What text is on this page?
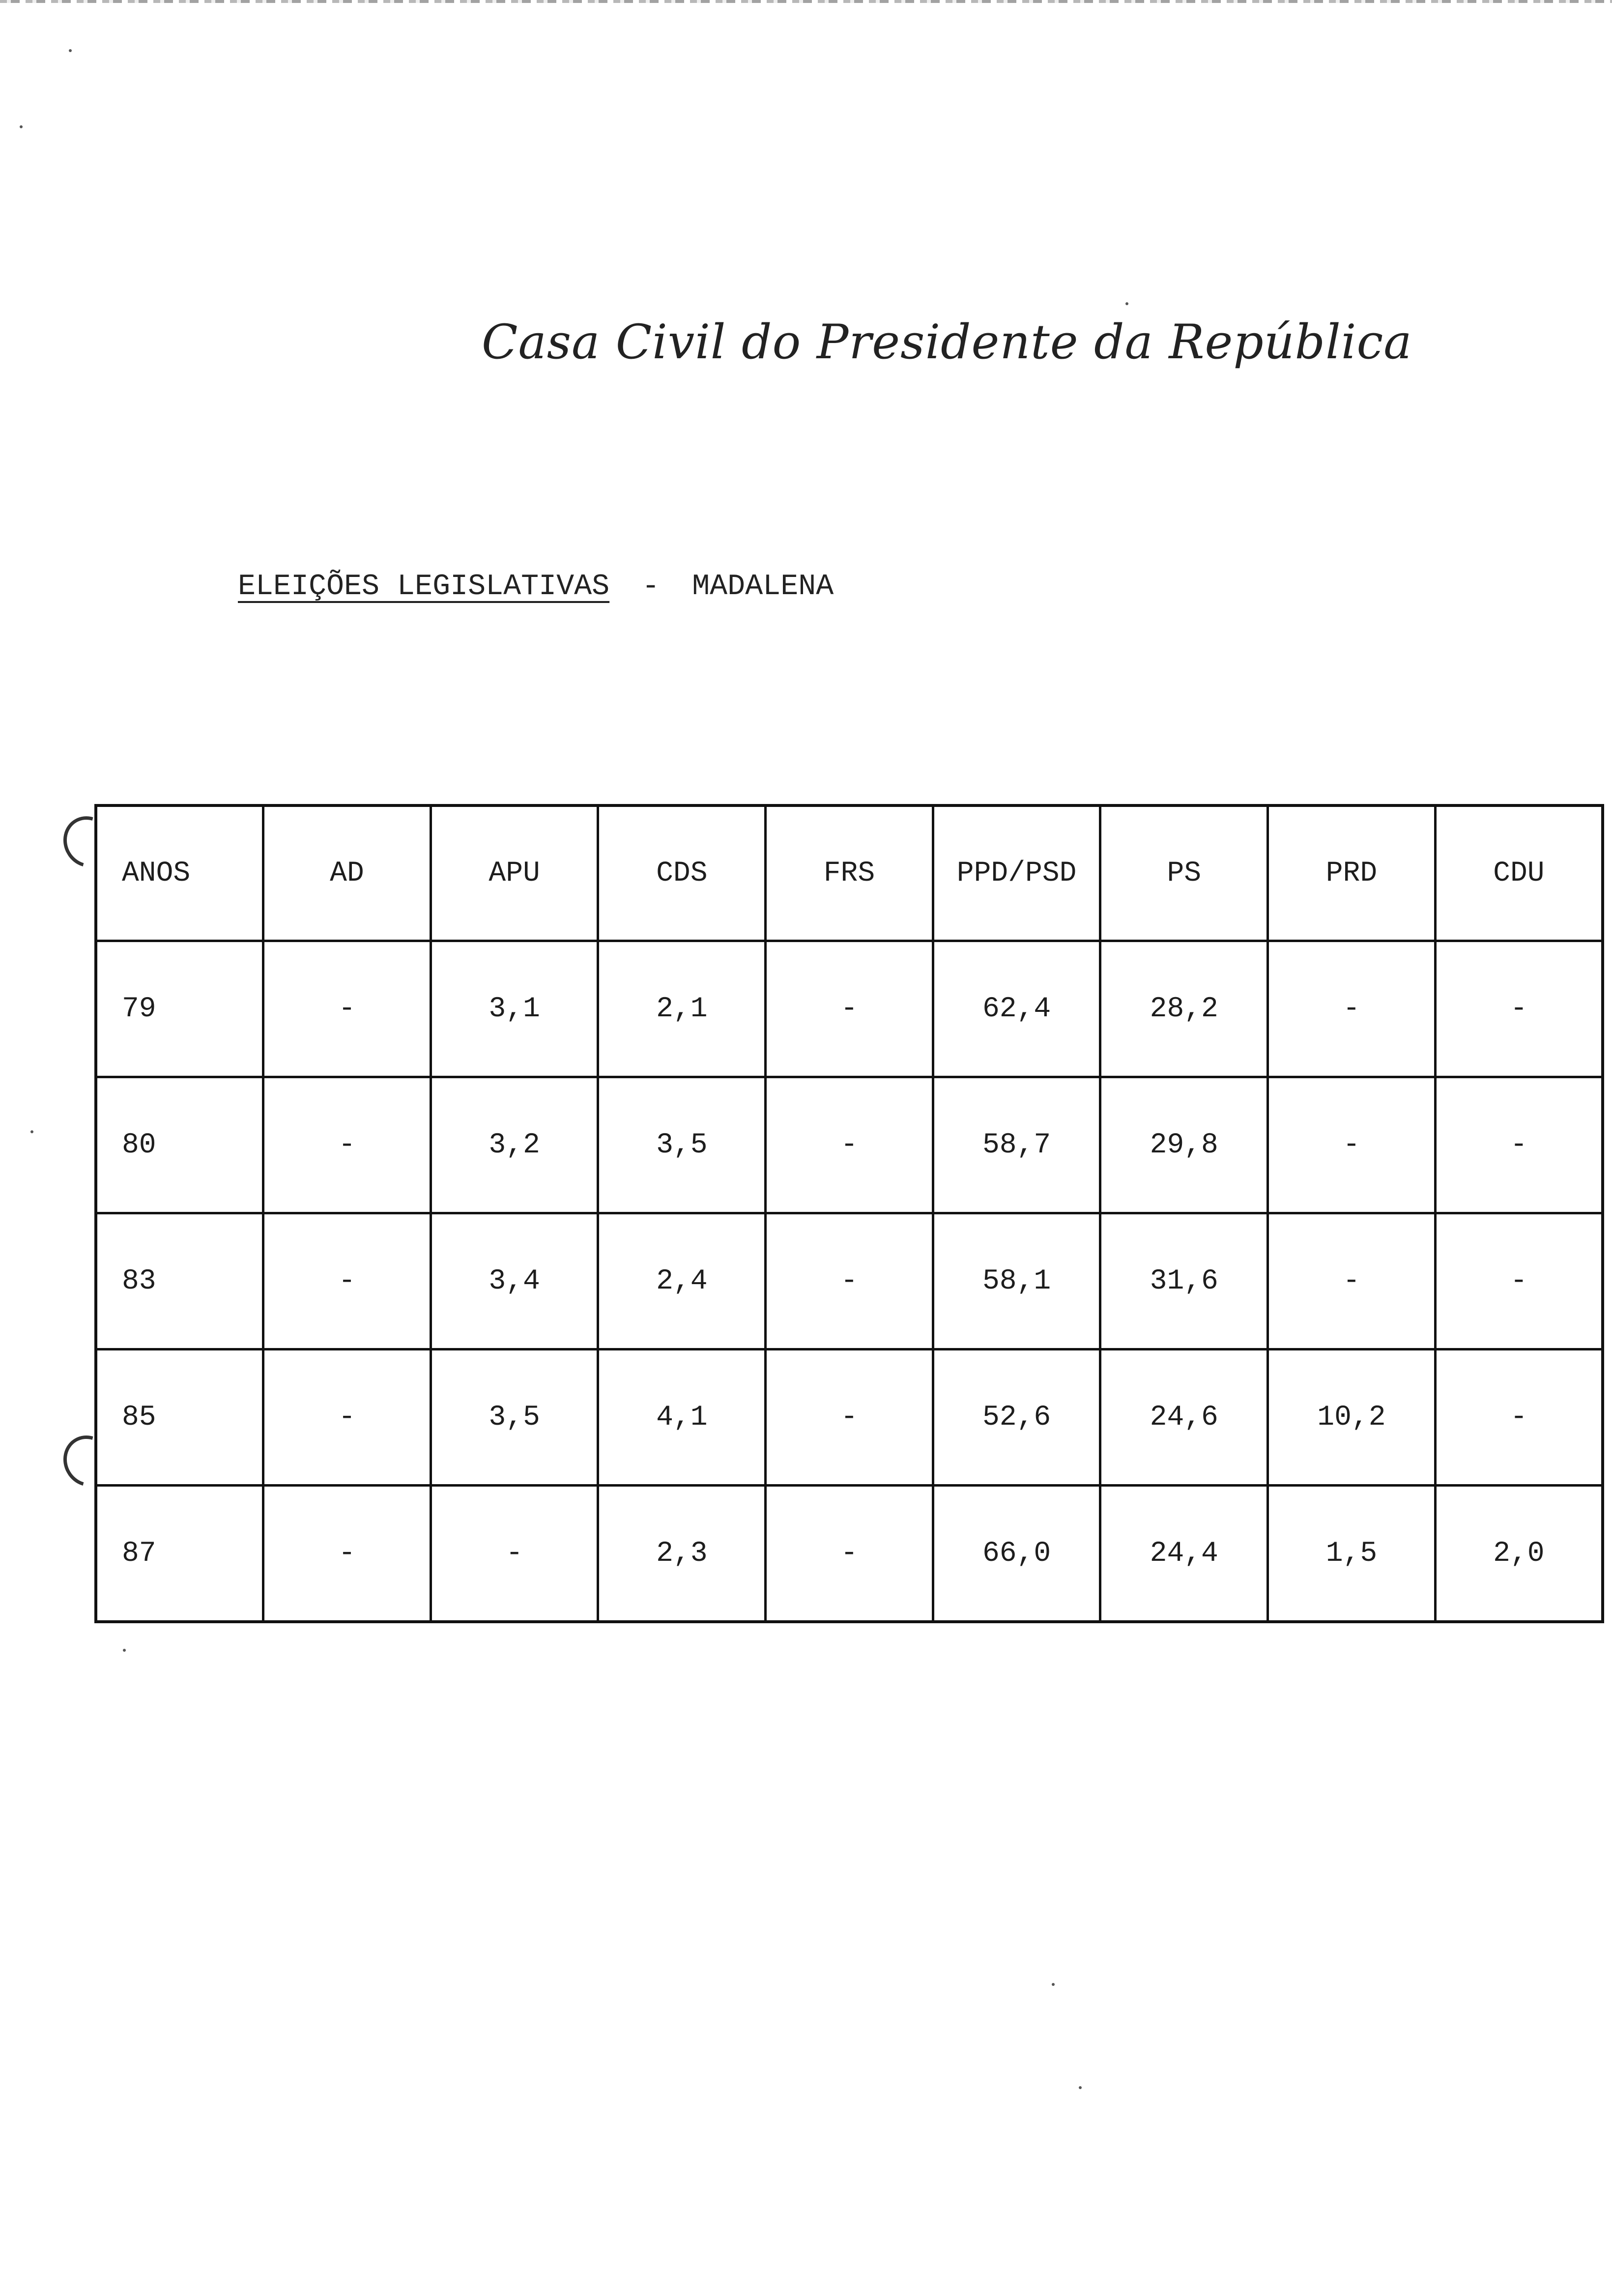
Casa Civil do Presidente da República
ELEIÇÕES LEGISLATIVAS - MADALENA
ANOS	AD	APU	CDS	FRS	PPD/PSD	PS	PRD	CDU
79	-	3,1	2,1	-	62,4	28,2	-	-
80	-	3,2	3,5	-	58,7	29,8	-	-
83	-	3,4	2,4	-	58,1	31,6	-	-
85	-	3,5	4,1	-	52,6	24,6	10,2	-
87	-	-	2,3	-	66,0	24,4	1,5	2,0
